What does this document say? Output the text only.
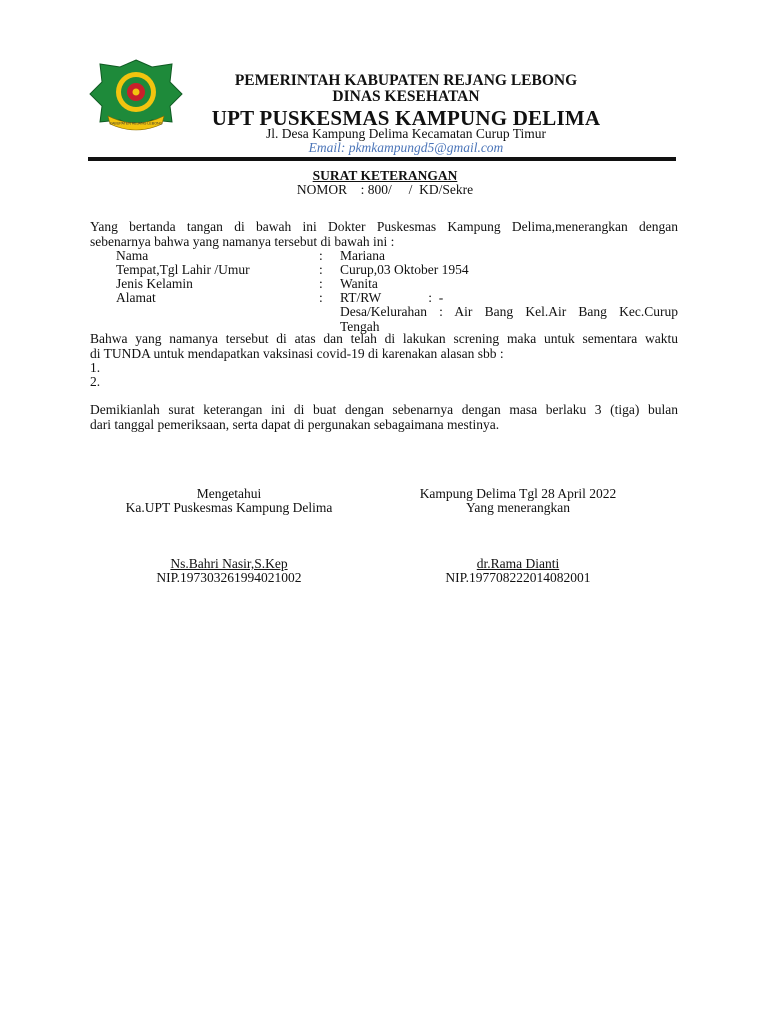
KABUPATEN REJANG LEBONG
PEMERINTAH KABUPATEN REJANG LEBONG
DINAS KESEHATAN
UPT PUSKESMAS KAMPUNG DELIMA
Jl. Desa Kampung Delima Kecamatan Curup Timur
Email: pkmkampungd5@gmail.com
SURAT KETERANGAN
NOMOR    : 800/     /  KD/Sekre
Yang bertanda tangan di bawah ini Dokter Puskesmas Kampung Delima,menerangkan dengan
sebenarnya bahwa yang namanya tersebut di bawah ini :
Nama	: Mariana
Tempat,Tgl Lahir /Umur	: Curup,03 Oktober 1954
Jenis Kelamin	: Wanita
Alamat	: RT/RW              :  -
Desa/Kelurahan  :  Air  Bang  Kel.Air  Bang  Kec.Curup
Tengah
Bahwa yang namanya tersebut di atas dan telah di lakukan screning maka untuk sementara waktu
di TUNDA untuk mendapatkan vaksinasi covid-19 di karenakan alasan sbb :
1.
2.
Demikianlah surat keterangan ini di buat dengan sebenarnya dengan masa berlaku 3 (tiga) bulan
dari tanggal pemeriksaan, serta dapat di pergunakan sebagaimana mestinya.
Mengetahui
Ka.UPT Puskesmas Kampung Delima
Ns.Bahri Nasir,S.Kep
NIP.197303261994021002
Kampung Delima Tgl 28 April 2022
Yang menerangkan
dr.Rama Dianti
NIP.197708222014082001
